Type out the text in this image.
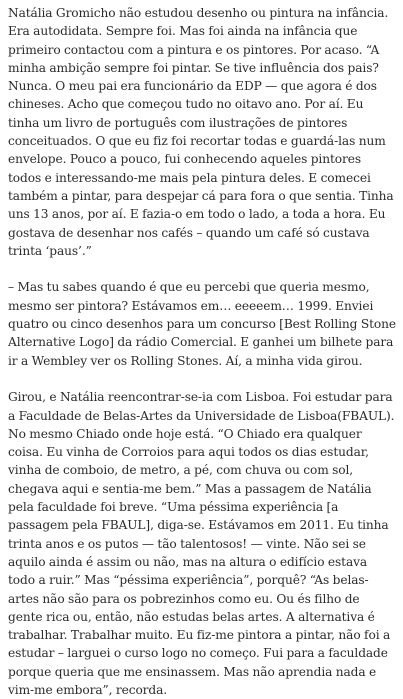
Natália Gromicho não estudou desenho ou pintura na infância. Era autodidata. Sempre foi. Mas foi ainda na infância que primeiro contactou com a pintura e os pintores. Por acaso. “A minha ambição sempre foi pintar. Se tive influência dos pais? Nunca. O meu pai era funcionário da EDP — que agora é dos chineses. Acho que começou tudo no oitavo ano. Por aí. Eu tinha um livro de português com ilustrações de pintores conceituados. O que eu fiz foi recortar todas e guardá-las num envelope. Pouco a pouco, fui conhecendo aqueles pintores todos e interessando-me mais pela pintura deles. E comecei também a pintar, para despejar cá para fora o que sentia. Tinha uns 13 anos, por aí. E fazia-o em todo o lado, a toda a hora. Eu gostava de desenhar nos cafés – quando um café só custava trinta ‘paus’.”

– Mas tu sabes quando é que eu percebi que queria mesmo, mesmo ser pintora? Estávamos em… eeeeem… 1999. Enviei quatro ou cinco desenhos para um concurso [Best Rolling Stone Alternative Logo] da rádio Comercial. E ganhei um bilhete para ir a Wembley ver os Rolling Stones. Aí, a minha vida girou.

Girou, e Natália reencontrar-se-ia com Lisboa. Foi estudar para a Faculdade de Belas-Artes da Universidade de Lisboa(FBAUL). No mesmo Chiado onde hoje está. “O Chiado era qualquer coisa. Eu vinha de Corroios para aqui todos os dias estudar, vinha de comboio, de metro, a pé, com chuva ou com sol, chegava aqui e sentia-me bem.” Mas a passagem de Natália pela faculdade foi breve. “Uma péssima experiência [a passagem pela FBAUL], diga-se. Estávamos em 2011. Eu tinha trinta anos e os putos — tão talentosos! — vinte. Não sei se aquilo ainda é assim ou não, mas na altura o edifício estava todo a ruir.” Mas “péssima experiência”, porquê? “As belas-artes não são para os pobrezinhos como eu. Ou és filho de gente rica ou, então, não estudas belas artes. A alternativa é trabalhar. Trabalhar muito. Eu fiz-me pintora a pintar, não foi a estudar – larguei o curso logo no começo. Fui para a faculdade porque queria que me ensinassem. Mas não aprendia nada e vim-me embora”, recorda.
